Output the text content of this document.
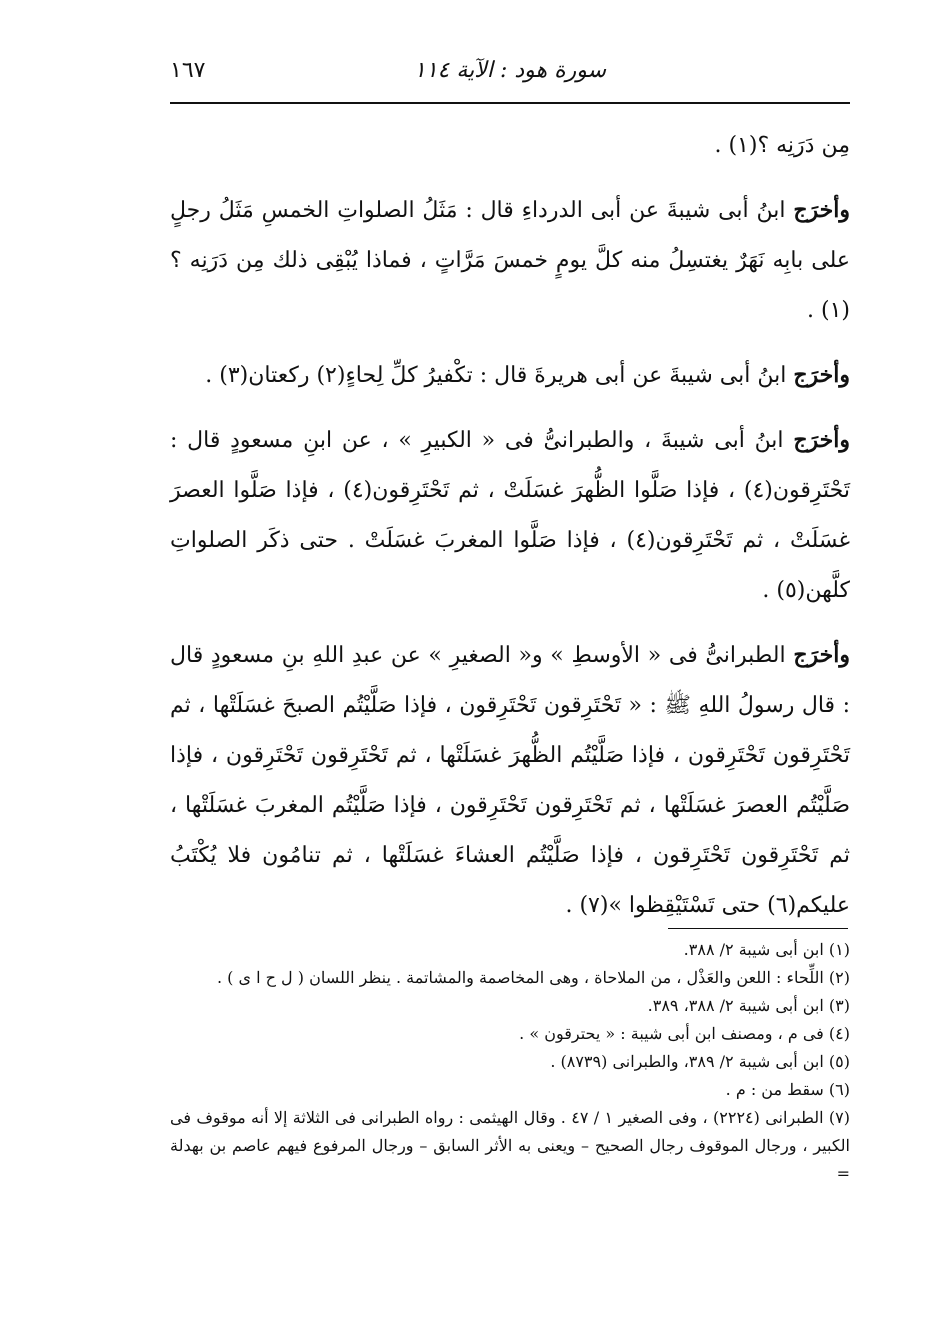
١٦٧	سورة هود : الآية ١١٤

مِن دَرَنِه ؟(١) .

وأخرَج ابنُ أبى شيبةَ عن أبى الدرداءِ قال : مَثَلُ الصلواتِ الخمسِ مَثَلُ رجلٍ على بابِه نَهَرٌ يغتسِلُ منه كلَّ يومٍ خمسَ مَرَّاتٍ ، فماذا يُبْقِى ذلك مِن دَرَنِه ؟(١) .

وأخرَج ابنُ أبى شيبةَ عن أبى هريرةَ قال : تكْفيرُ كلِّ لِحاءٍ(٢) ركعتان(٣) .

وأخرَج ابنُ أبى شيبةَ ، والطبرانىُّ فى « الكبيرِ » ، عن ابنِ مسعودٍ قال : تَحْتَرِقون(٤) ، فإذا صَلَّوا الظُّهرَ غسَلَتْ ، ثم تَحْتَرِقون(٤) ، فإذا صَلَّوا العصرَ غسَلَتْ ، ثم تَحْتَرِقون(٤) ، فإذا صَلَّوا المغربَ غسَلَتْ . حتى ذكَر الصلواتِ كلَّهن(٥) .

وأخرَج الطبرانىُّ فى « الأوسطِ » و« الصغيرِ » عن عبدِ اللهِ بنِ مسعودٍ قال : قال رسولُ اللهِ ﷺ : « تَحْتَرِقون تَحْتَرِقون ، فإذا صَلَّيْتُم الصبحَ غسَلَتْها ، ثم تَحْتَرِقون تَحْتَرِقون ، فإذا صَلَّيْتُم الظُّهرَ غسَلَتْها ، ثم تَحْتَرِقون تَحْتَرِقون ، فإذا صَلَّيْتُم العصرَ غسَلَتْها ، ثم تَحْتَرِقون تَحْتَرِقون ، فإذا صَلَّيْتُم المغربَ غسَلَتْها ، ثم تَحْتَرِقون تَحْتَرِقون ، فإذا صَلَّيْتُم العشاءَ غسَلَتْها ، ثم تنامُون فلا يُكْتَبُ عليكم(٦) حتى تَسْتَيْقِظوا »(٧) .

(١) ابن أبى شيبة ٢/ ٣٨٨.

(٢) اللِّحاء : اللعن والعَذْل ، من الملاحاة ، وهى المخاصمة والمشاتمة . ينظر اللسان ( ل ح ا ى ) .

(٣) ابن أبى شيبة ٢/ ٣٨٨، ٣٨٩.

(٤) فى م ، ومصنف ابن أبى شيبة : « يحترقون » .

(٥) ابن أبى شيبة ٢/ ٣٨٩، والطبرانى (٨٧٣٩) .

(٦) سقط من : م .

(٧) الطبرانى (٢٢٢٤) ، وفى الصغير ١ / ٤٧ . وقال الهيثمى : رواه الطبرانى فى الثلاثة إلا أنه موقوف فى الكبير ، ورجال الموقوف رجال الصحيح – ويعنى به الأثر السابق – ورجال المرفوع فيهم عاصم بن بهدلة =
